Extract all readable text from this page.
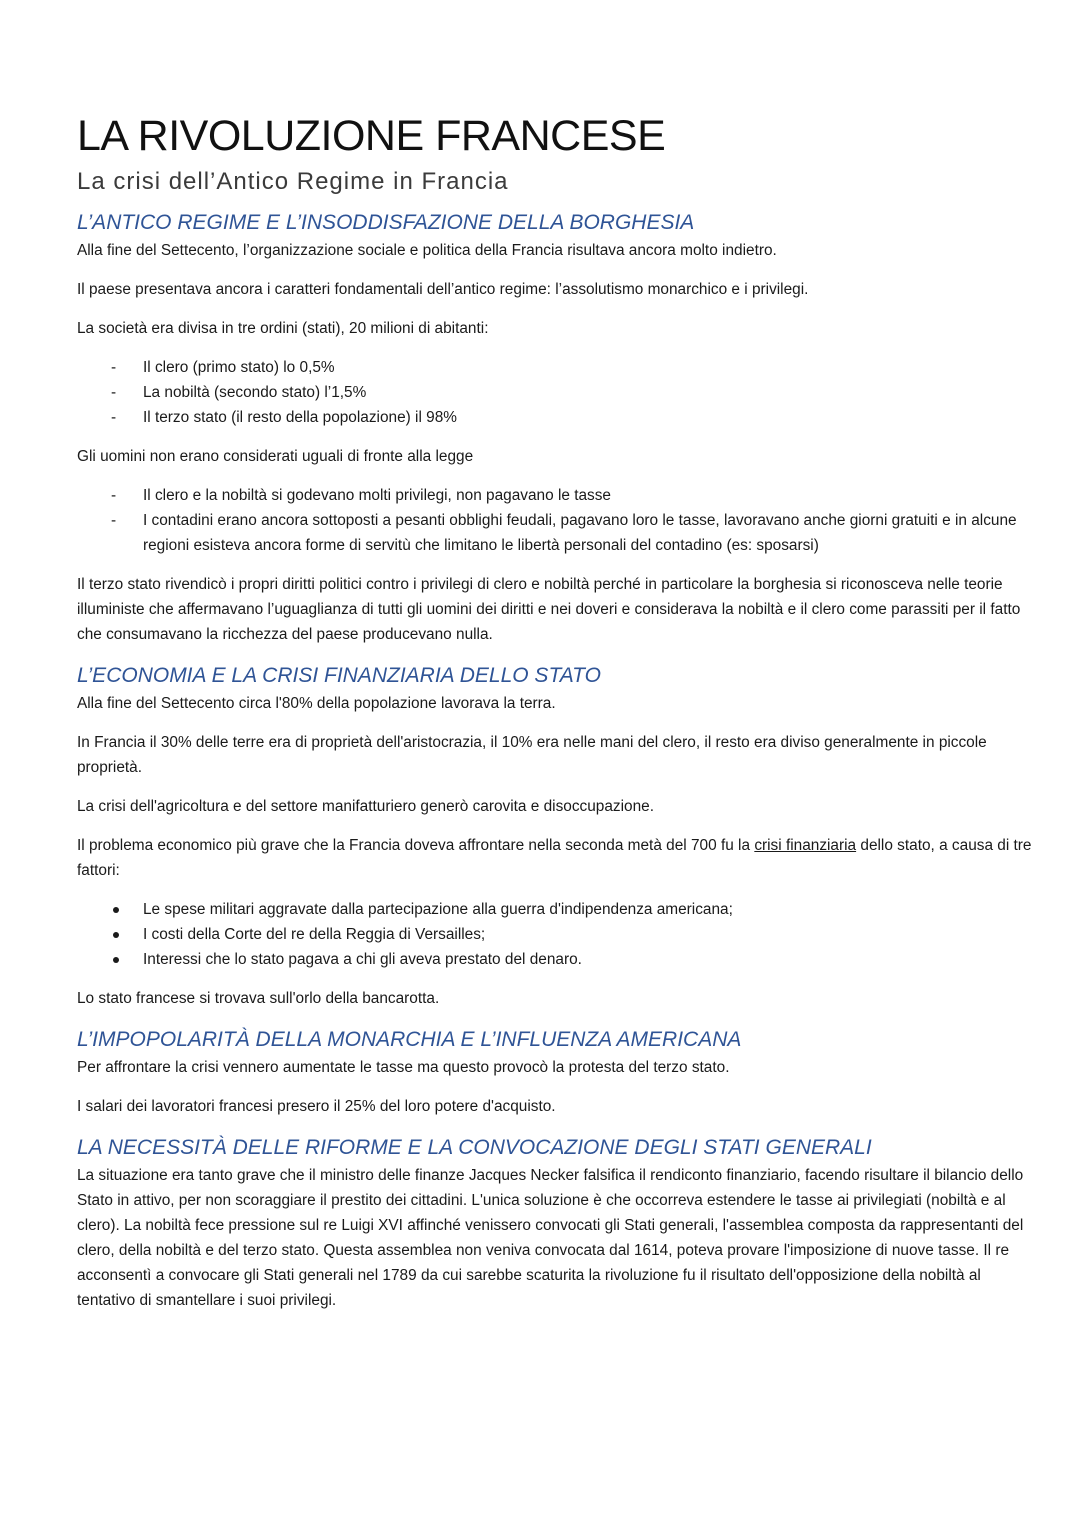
LA RIVOLUZIONE FRANCESE
La crisi dell’Antico Regime in Francia
L’ANTICO REGIME E L’INSODDISFAZIONE DELLA BORGHESIA

Alla fine del Settecento, l’organizzazione sociale e politica della Francia risultava ancora molto indietro.

Il paese presentava ancora i caratteri fondamentali dell’antico regime: l’assolutismo monarchico e i privilegi.

La società era divisa in tre ordini (stati), 20 milioni di abitanti:

- Il clero (primo stato) lo 0,5%
- La nobiltà (secondo stato) l’1,5%
- Il terzo stato (il resto della popolazione) il 98%

Gli uomini non erano considerati uguali di fronte alla legge

- Il clero e la nobiltà si godevano molti privilegi, non pagavano le tasse
- I contadini erano ancora sottoposti a pesanti obblighi feudali, pagavano loro le tasse, lavoravano anche giorni gratuiti e in alcune regioni esisteva ancora forme di servitù che limitano le libertà personali del contadino (es: sposarsi)

Il terzo stato rivendicò i propri diritti politici contro i privilegi di clero e nobiltà perché in particolare la borghesia si riconosceva nelle teorie illuministe che affermavano l’uguaglianza di tutti gli uomini dei diritti e nei doveri e considerava la nobiltà e il clero come parassiti per il fatto che consumavano la ricchezza del paese producevano nulla.

L’ECONOMIA E LA CRISI FINANZIARIA DELLO STATO

Alla fine del Settecento circa l'80% della popolazione lavorava la terra.

In Francia il 30% delle terre era di proprietà dell'aristocrazia, il 10% era nelle mani del clero, il resto era diviso generalmente in piccole proprietà.

La crisi dell'agricoltura e del settore manifatturiero generò carovita e disoccupazione.

Il problema economico più grave che la Francia doveva affrontare nella seconda metà del 700 fu la crisi finanziaria dello stato, a causa di tre fattori:

Le spese militari aggravate dalla partecipazione alla guerra d'indipendenza americana;
I costi della Corte del re della Reggia di Versailles;
Interessi che lo stato pagava a chi gli aveva prestato del denaro.

Lo stato francese si trovava sull'orlo della bancarotta.

L’IMPOPOLARITÀ DELLA MONARCHIA E L’INFLUENZA AMERICANA

Per affrontare la crisi vennero aumentate le tasse ma questo provocò la protesta del terzo stato.

I salari dei lavoratori francesi presero il 25% del loro potere d'acquisto.

LA NECESSITÀ DELLE RIFORME E LA CONVOCAZIONE DEGLI STATI GENERALI

La situazione era tanto grave che il ministro delle finanze Jacques Necker falsifica il rendiconto finanziario, facendo risultare il bilancio dello Stato in attivo, per non scoraggiare il prestito dei cittadini. L'unica soluzione è che occorreva estendere le tasse ai privilegiati (nobiltà e al clero). La nobiltà fece pressione sul re Luigi XVI affinché venissero convocati gli Stati generali, l'assemblea composta da rappresentanti del clero, della nobiltà e del terzo stato. Questa assemblea non veniva convocata dal 1614, poteva provare l'imposizione di nuove tasse. Il re acconsentì a convocare gli Stati generali nel 1789 da cui sarebbe scaturita la rivoluzione fu il risultato dell'opposizione della nobiltà al tentativo di smantellare i suoi privilegi.
